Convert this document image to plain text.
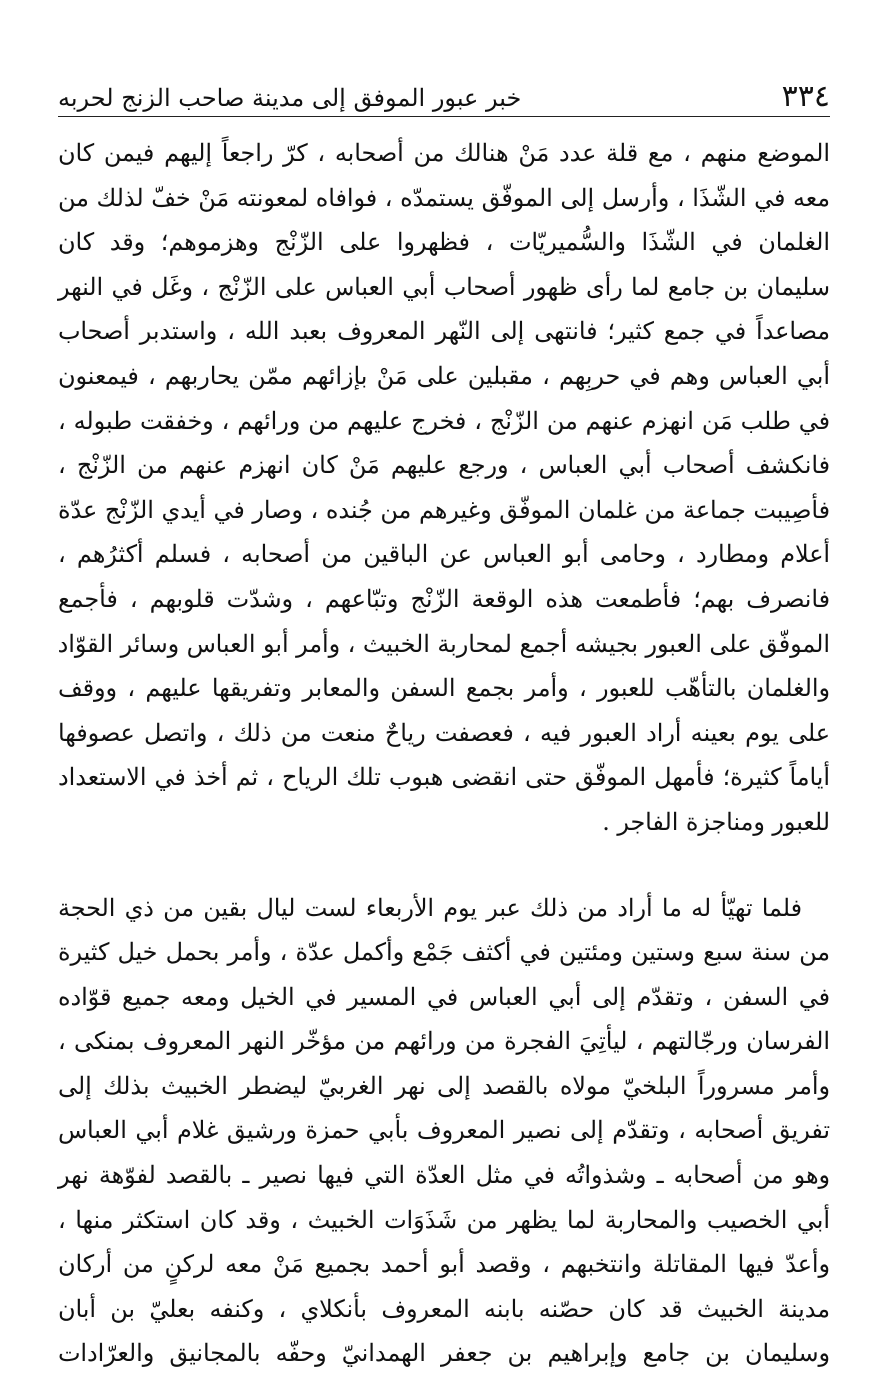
٣٣٤
خبر عبور الموفق إلى مدينة صاحب الزنج لحربه
الموضع منهم ، مع قلة عدد مَنْ هنالك من أصحابه ، كرّ راجعاً إليهم فيمن كان
معه في الشّذَا ، وأرسل إلى الموفّق يستمدّه ، فوافاه لمعونته مَنْ خفّ لذلك من
الغلمان في الشّذَا والسُّميريّات ، فظهروا على الزّنْج وهزموهم؛ وقد كان
سليمان بن جامع لما رأى ظهور أصحاب أبي العباس على الزّنْج ، وغَل في النهر
مصاعداً في جمع كثير؛ فانتهى إلى النّهر المعروف بعبد الله ، واستدبر أصحاب
أبي العباس وهم في حربِهم ، مقبلين على مَنْ بإزائهم ممّن يحاربهم ، فيمعنون
في طلب مَن انهزم عنهم من الزّنْج ، فخرج عليهم من ورائهم ، وخفقت طبوله ،
فانكشف أصحاب أبي العباس ، ورجع عليهم مَنْ كان انهزم عنهم من الزّنْج ،
فأصِيبت جماعة من غلمان الموفّق وغيرهم من جُنده ، وصار في أيدي الزّنْج عدّة
أعلام ومطارد ، وحامى أبو العباس عن الباقين من أصحابه ، فسلم أكثرُهم ،
فانصرف بهم؛ فأطمعت هذه الوقعة الزّنْج وتبّاعهم ، وشدّت قلوبهم ، فأجمع
الموفّق على العبور بجيشه أجمع لمحاربة الخبيث ، وأمر أبو العباس وسائر القوّاد
والغلمان بالتأهّب للعبور ، وأمر بجمع السفن والمعابر وتفريقها عليهم ، ووقف
على يوم بعينه أراد العبور فيه ، فعصفت رياحٌ منعت من ذلك ، واتصل عصوفها
أياماً كثيرة؛ فأمهل الموفّق حتى انقضى هبوب تلك الرياح ، ثم أخذ في الاستعداد
للعبور ومناجزة الفاجر .
فلما تهيّأ له ما أراد من ذلك عبر يوم الأربعاء لست ليال بقين من ذي الحجة
من سنة سبع وستين ومئتين في أكثف جَمْع وأكمل عدّة ، وأمر بحمل خيل كثيرة
في السفن ، وتقدّم إلى أبي العباس في المسير في الخيل ومعه جميع قوّاده
الفرسان ورجّالتهم ، ليأتِيَ الفجرة من ورائهم من مؤخّر النهر المعروف بمنكى ،
وأمر مسروراً البلخيّ مولاه بالقصد إلى نهر الغربيّ ليضطر الخبيث بذلك إلى
تفريق أصحابه ، وتقدّم إلى نصير المعروف بأبي حمزة ورشيق غلام أبي العباس
وهو من أصحابه ـ وشذواتُه في مثل العدّة التي فيها نصير ـ بالقصد لفوّهة نهر
أبي الخصيب والمحاربة لما يظهر من شَذَوَات الخبيث ، وقد كان استكثر منها ،
وأعدّ فيها المقاتلة وانتخبهم ، وقصد أبو أحمد بجميع مَنْ معه لركنٍ من أركان
مدينة الخبيث قد كان حصّنه بابنه المعروف بأنكلاي ، وكنفه بعليّ بن أبان
وسليمان بن جامع وإبراهيم بن جعفر الهمدانيّ وحفّه بالمجانيق والعرّادات
